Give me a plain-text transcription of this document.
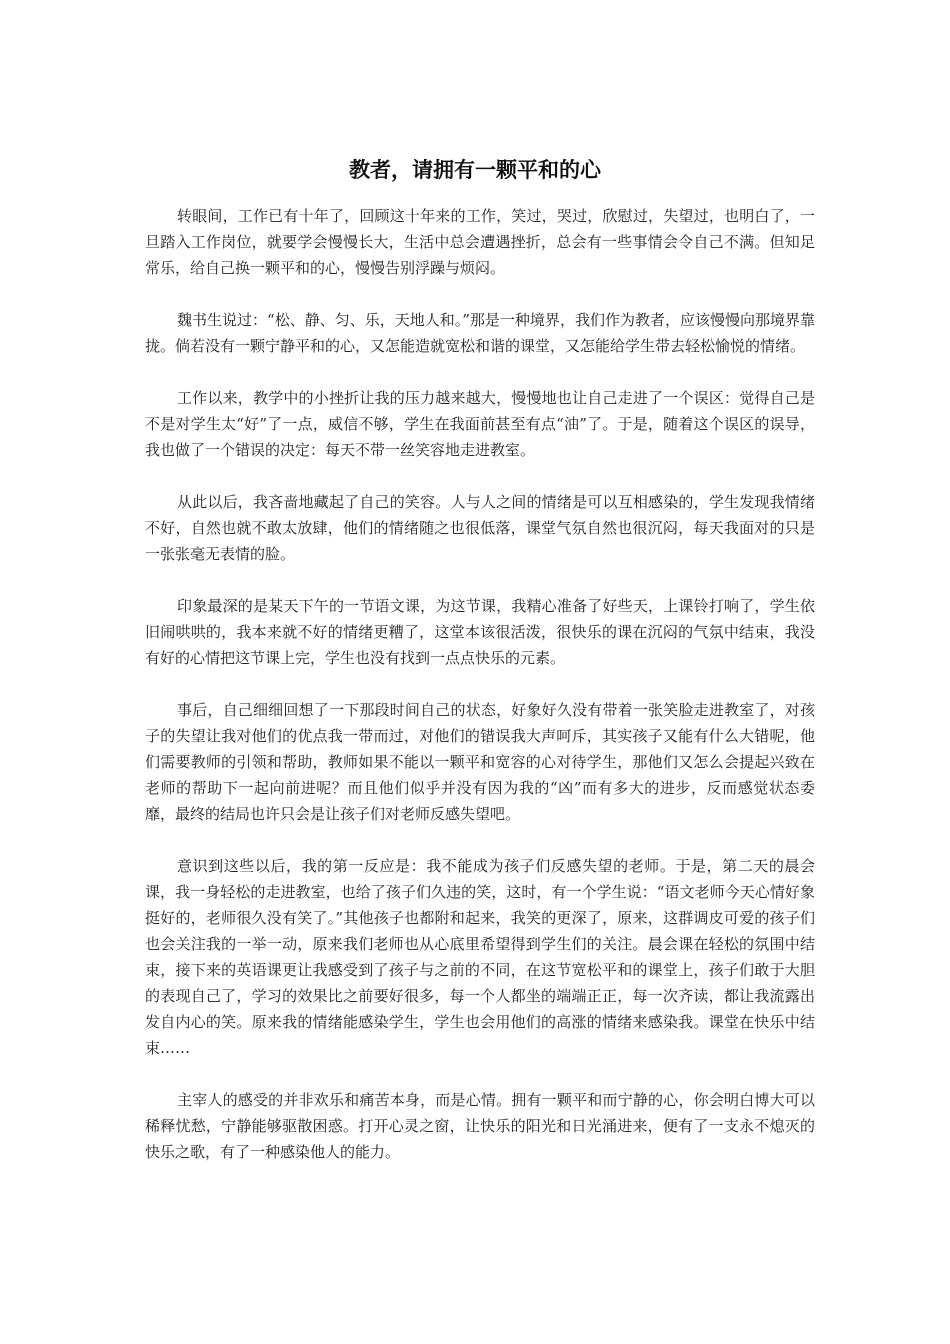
教者，请拥有一颗平和的心

转眼间，工作已有十年了，回顾这十年来的工作，笑过，哭过，欣慰过，失望过，也明白了，一旦踏入工作岗位，就要学会慢慢长大，生活中总会遭遇挫折，总会有一些事情会令自己不满。但知足常乐，给自己换一颗平和的心，慢慢告别浮躁与烦闷。

魏书生说过：“松、静、匀、乐，天地人和。”那是一种境界，我们作为教者，应该慢慢向那境界靠拢。倘若没有一颗宁静平和的心，又怎能造就宽松和谐的课堂，又怎能给学生带去轻松愉悦的情绪。

工作以来，教学中的小挫折让我的压力越来越大，慢慢地也让自己走进了一个误区：觉得自己是不是对学生太“好”了一点，威信不够，学生在我面前甚至有点“油”了。于是，随着这个误区的误导，我也做了一个错误的决定：每天不带一丝笑容地走进教室。

从此以后，我吝啬地藏起了自己的笑容。人与人之间的情绪是可以互相感染的，学生发现我情绪不好，自然也就不敢太放肆，他们的情绪随之也很低落，课堂气氛自然也很沉闷，每天我面对的只是一张张毫无表情的脸。

印象最深的是某天下午的一节语文课，为这节课，我精心准备了好些天，上课铃打响了，学生依旧闹哄哄的，我本来就不好的情绪更糟了，这堂本该很活泼，很快乐的课在沉闷的气氛中结束，我没有好的心情把这节课上完，学生也没有找到一点点快乐的元素。

事后，自己细细回想了一下那段时间自己的状态，好象好久没有带着一张笑脸走进教室了，对孩子的失望让我对他们的优点我一带而过，对他们的错误我大声呵斥，其实孩子又能有什么大错呢，他们需要教师的引领和帮助，教师如果不能以一颗平和宽容的心对待学生，那他们又怎么会提起兴致在老师的帮助下一起向前进呢？而且他们似乎并没有因为我的“凶”而有多大的进步，反而感觉状态委靡，最终的结局也许只会是让孩子们对老师反感失望吧。

意识到这些以后，我的第一反应是：我不能成为孩子们反感失望的老师。于是，第二天的晨会课，我一身轻松的走进教室，也给了孩子们久违的笑，这时，有一个学生说：“语文老师今天心情好象挺好的，老师很久没有笑了。”其他孩子也都附和起来，我笑的更深了，原来，这群调皮可爱的孩子们也会关注我的一举一动，原来我们老师也从心底里希望得到学生们的关注。晨会课在轻松的氛围中结束，接下来的英语课更让我感受到了孩子与之前的不同，在这节宽松平和的课堂上，孩子们敢于大胆的表现自己了，学习的效果比之前要好很多，每一个人都坐的端端正正，每一次齐读，都让我流露出发自内心的笑。原来我的情绪能感染学生，学生也会用他们的高涨的情绪来感染我。课堂在快乐中结束……

主宰人的感受的并非欢乐和痛苦本身，而是心情。拥有一颗平和而宁静的心，你会明白博大可以稀释忧愁，宁静能够驱散困惑。打开心灵之窗，让快乐的阳光和日光涌进来，便有了一支永不熄灭的快乐之歌，有了一种感染他人的能力。
